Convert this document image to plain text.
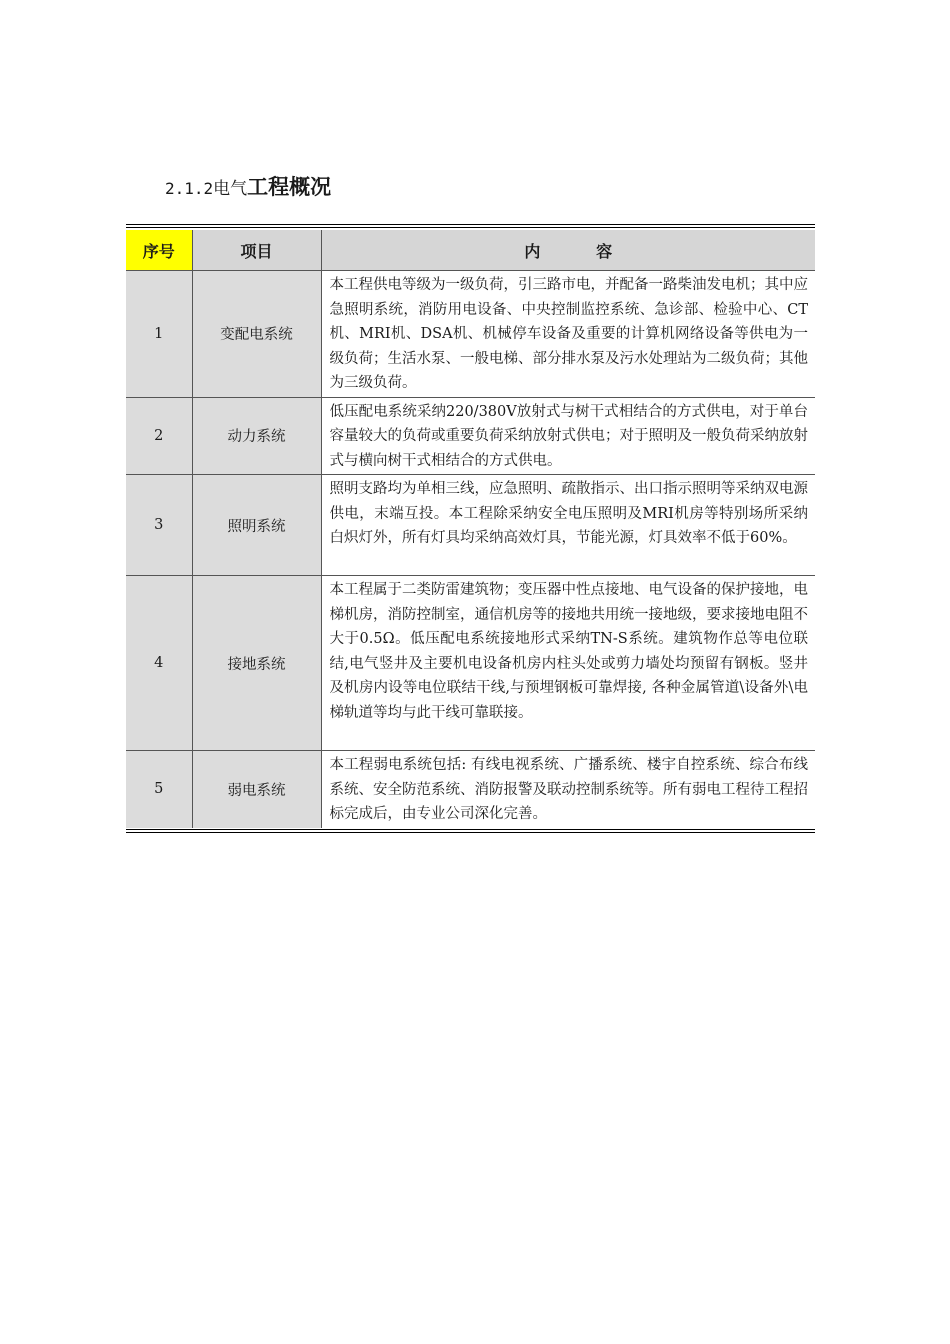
2.1.2电气工程概况
序号	项目	内          容
1	变配电系统	本工程供电等级为一级负荷，引三路市电，并配备一路柴油发电机；其中应急照明系统，消防用电设备、中央控制监控系统、急诊部、检验中心、CT机、MRI机、DSA机、机械停车设备及重要的计算机网络设备等供电为一级负荷；生活水泵、一般电梯、部分排水泵及污水处理站为二级负荷；其他为三级负荷。
2	动力系统	低压配电系统采纳220/380V放射式与树干式相结合的方式供电，对于单台容量较大的负荷或重要负荷采纳放射式供电；对于照明及一般负荷采纳放射式与横向树干式相结合的方式供电。
3	照明系统	照明支路均为单相三线，应急照明、疏散指示、出口指示照明等采纳双电源供电，末端互投。本工程除采纳安全电压照明及MRI机房等特别场所采纳白炽灯外，所有灯具均采纳高效灯具，节能光源，灯具效率不低于60%。
4	接地系统	本工程属于二类防雷建筑物；变压器中性点接地、电气设备的保护接地，电梯机房，消防控制室，通信机房等的接地共用统一接地级，要求接地电阻不大于0.5Ω。低压配电系统接地形式采纳TN-S系统。建筑物作总等电位联结,电气竖井及主要机电设备机房内柱头处或剪力墙处均预留有钢板。竖井及机房内设等电位联结干线,与预埋钢板可靠焊接, 各种金属管道\设备外\电梯轨道等均与此干线可靠联接。
5	弱电系统	本工程弱电系统包括: 有线电视系统、广播系统、楼宇自控系统、综合布线系统、安全防范系统、消防报警及联动控制系统等。所有弱电工程待工程招标完成后，由专业公司深化完善。
